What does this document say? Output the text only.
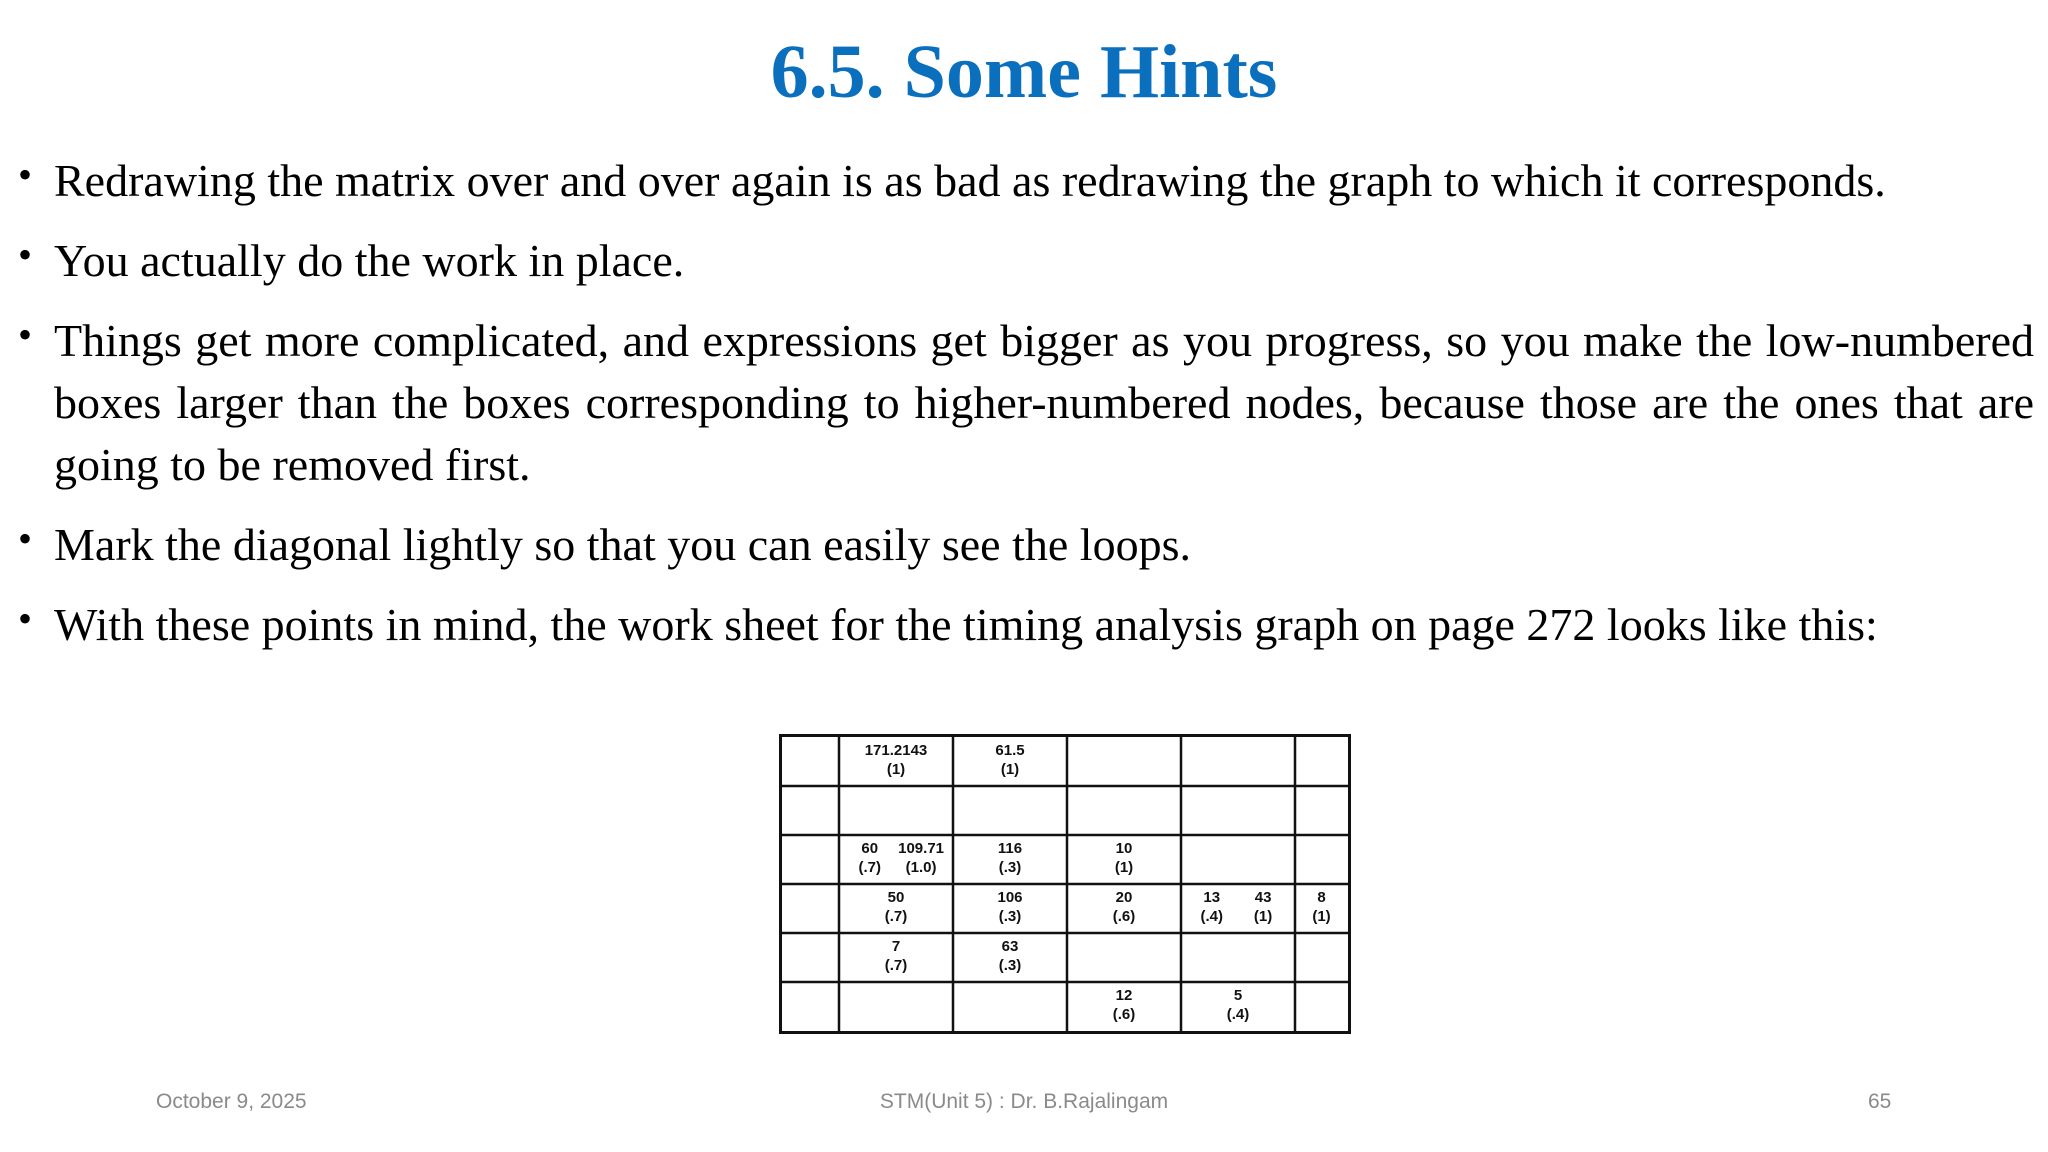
6.5. Some Hints
• Redrawing the matrix over and over again is as bad as redrawing the graph to which it corresponds.
• You actually do the work in place.
• Things get more complicated, and expressions get bigger as you progress, so you make the low-numbered boxes larger than the boxes corresponding to higher-numbered nodes, because those are the ones that are going to be removed first.
• Mark the diagonal lightly so that you can easily see the loops.
• With these points in mind, the work sheet for the timing analysis graph on page 272 looks like this:
171.2143
(1)
61.5
(1)
60
(.7)
109.71
(1.0)
116
(.3)
10
(1)
50
(.7)
106
(.3)
20
(.6)
13
(.4)
43
(1)
8
(1)
7
(.7)
63
(.3)
12
(.6)
5
(.4)
October 9, 2025	STM(Unit 5) : Dr. B.Rajalingam	65
